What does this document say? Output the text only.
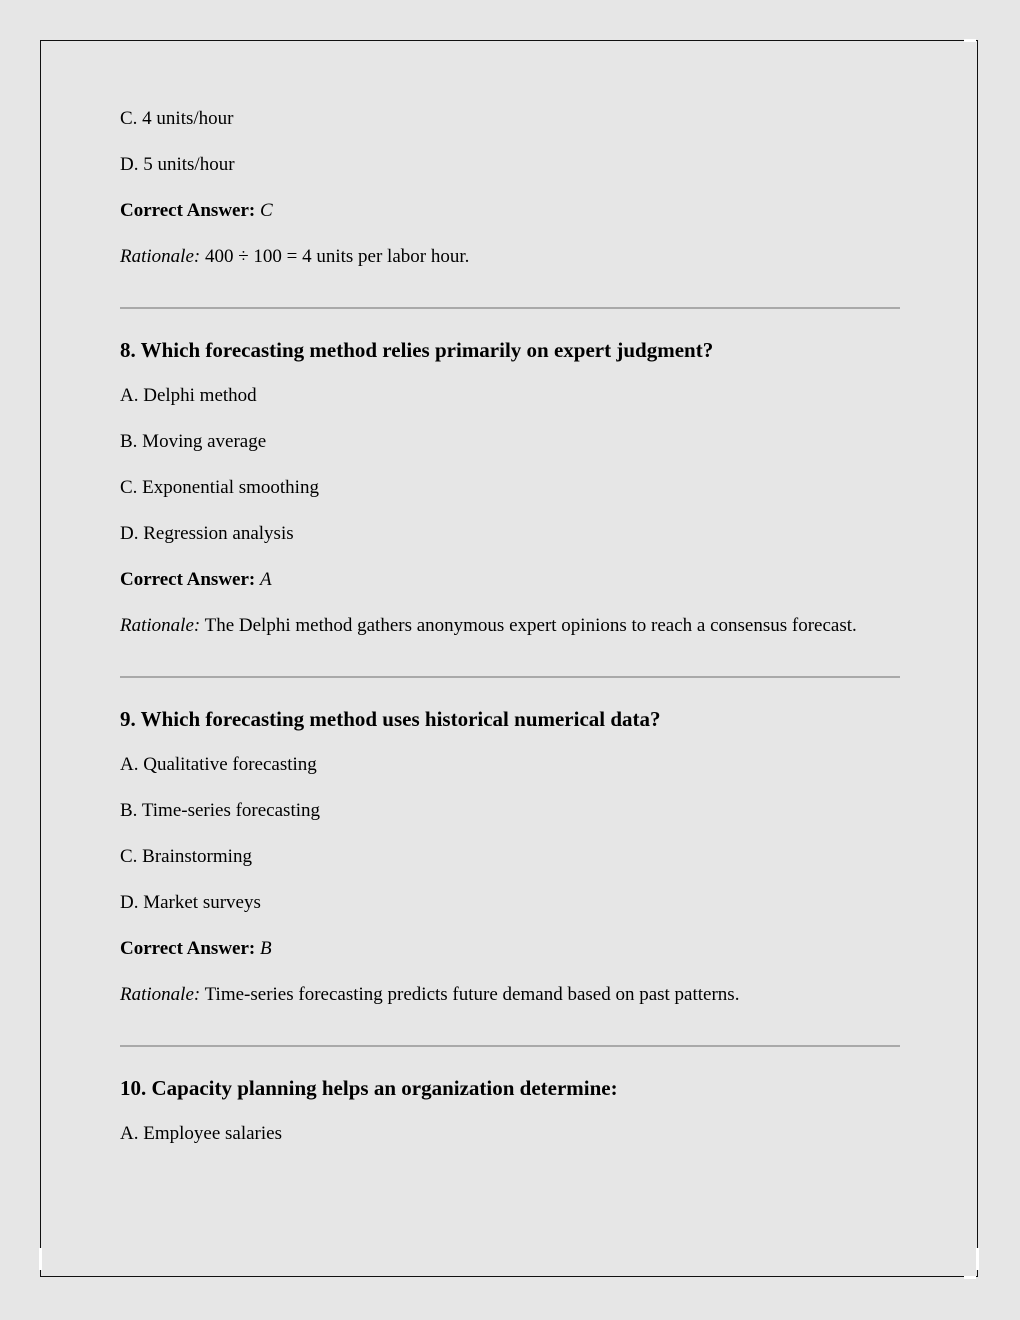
C. 4 units/hour

D. 5 units/hour

Correct Answer: C

Rationale: 400 ÷ 100 = 4 units per labor hour.

8. Which forecasting method relies primarily on expert judgment?

A. Delphi method

B. Moving average

C. Exponential smoothing

D. Regression analysis

Correct Answer: A

Rationale: The Delphi method gathers anonymous expert opinions to reach a consensus forecast.

9. Which forecasting method uses historical numerical data?

A. Qualitative forecasting

B. Time-series forecasting

C. Brainstorming

D. Market surveys

Correct Answer: B

Rationale: Time-series forecasting predicts future demand based on past patterns.

10. Capacity planning helps an organization determine:

A. Employee salaries
